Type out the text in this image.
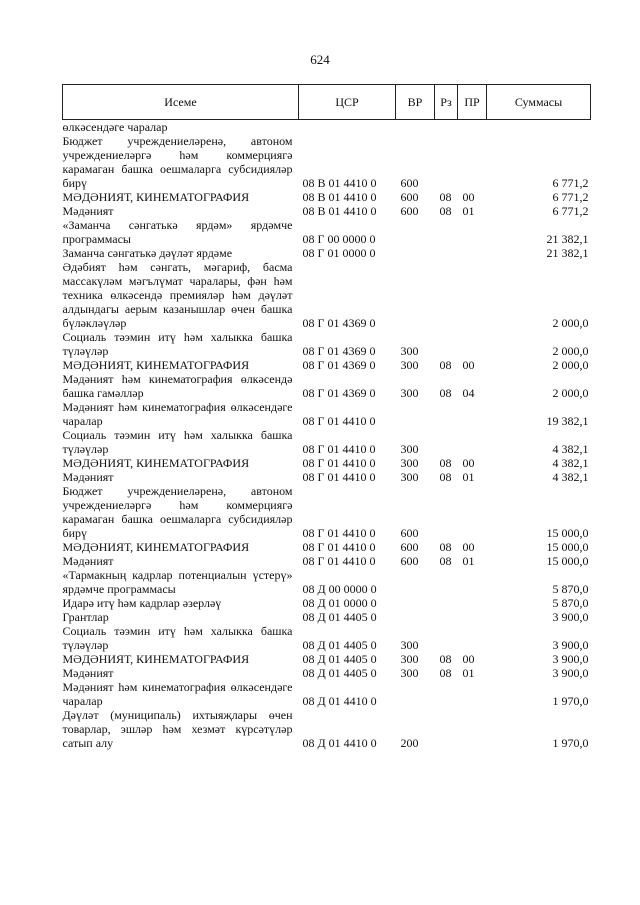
624
Исеме	ЦСР	ВР	Рз	ПР	Суммасы
өлкәсендәге чаралар					
Бюджет учреждениеләренә, автоном учреждениеләргә һәм коммерциягә карамаган башка оешмаларга субсидияләр бирү	08 В 01 4410 0	600			6 771,2
МӘДӘНИЯТ, КИНЕМАТОГРАФИЯ	08 В 01 4410 0	600	08	00	6 771,2
Мәдәният	08 В 01 4410 0	600	08	01	6 771,2
«Заманча сәнгатькә ярдәм» ярдәмче программасы	08 Г 00 0000 0				21 382,1
Заманча сәнгатькә дәүләт ярдәме	08 Г 01 0000 0				21 382,1
Әдәбият һәм сәнгать, мәгариф, басма массакүләм мәгълүмат чаралары, фән һәм техника өлкәсендә премияләр һәм дәүләт алдындагы аерым казанышлар өчен башка бүләкләүләр	08 Г 01 4369 0				2 000,0
Социаль тәэмин итү һәм халыкка башка түләүләр	08 Г 01 4369 0	300			2 000,0
МӘДӘНИЯТ, КИНЕМАТОГРАФИЯ	08 Г 01 4369 0	300	08	00	2 000,0
Мәдәният һәм кинематография өлкәсендә башка гамәлләр	08 Г 01 4369 0	300	08	04	2 000,0
Мәдәният һәм кинематография өлкәсендәге чаралар	08 Г 01 4410 0				19 382,1
Социаль тәэмин итү һәм халыкка башка түләүләр	08 Г 01 4410 0	300			4 382,1
МӘДӘНИЯТ, КИНЕМАТОГРАФИЯ	08 Г 01 4410 0	300	08	00	4 382,1
Мәдәният	08 Г 01 4410 0	300	08	01	4 382,1
Бюджет учреждениеләренә, автоном учреждениеләргә һәм коммерциягә карамаган башка оешмаларга субсидияләр бирү	08 Г 01 4410 0	600			15 000,0
МӘДӘНИЯТ, КИНЕМАТОГРАФИЯ	08 Г 01 4410 0	600	08	00	15 000,0
Мәдәният	08 Г 01 4410 0	600	08	01	15 000,0
«Тармакның кадрлар потенциалын үстерү» ярдәмче программасы	08 Д 00 0000 0				5 870,0
Идарә итү һәм кадрлар әзерләү	08 Д 01 0000 0				5 870,0
Грантлар	08 Д 01 4405 0				3 900,0
Социаль тәэмин итү һәм халыкка башка түләүләр	08 Д 01 4405 0	300			3 900,0
МӘДӘНИЯТ, КИНЕМАТОГРАФИЯ	08 Д 01 4405 0	300	08	00	3 900,0
Мәдәният	08 Д 01 4405 0	300	08	01	3 900,0
Мәдәният һәм кинематография өлкәсендәге чаралар	08 Д 01 4410 0				1 970,0
Дәүләт (муниципаль) ихтыяҗлары өчен товарлар, эшләр һәм хезмәт күрсәтүләр сатып алу	08 Д 01 4410 0	200			1 970,0
